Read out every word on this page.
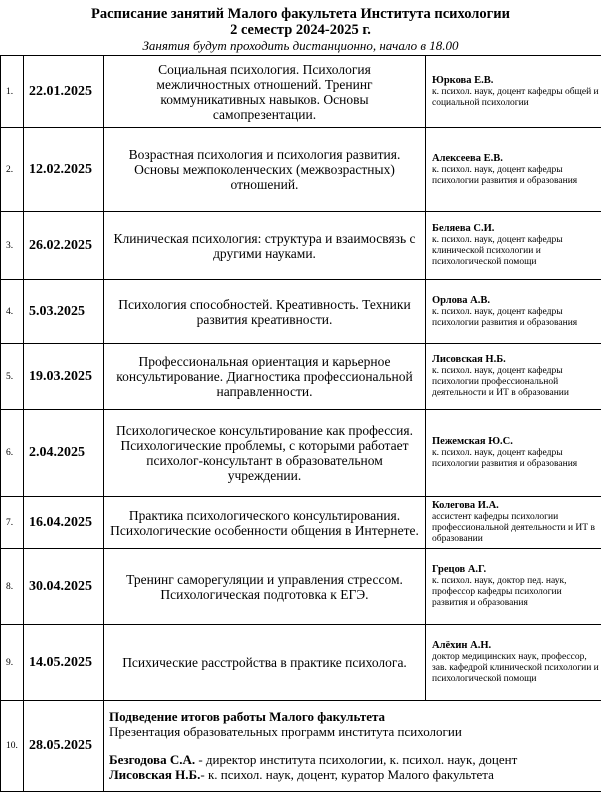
Расписание занятий Малого факультета Института психологии
2 семестр 2024-2025 г.
Занятия будут проходить дистанционно, начало в 18.00
1.	22.01.2025	Социальная психология. Психология межличностных отношений. Тренинг коммуникативных навыков. Основы самопрезентации.	Юркова Е.В.
к. психол. наук, доцент кафедры общей и социальной психологии

2.	12.02.2025	Возрастная психология и психология развития. Основы межпоколенческих (межвозрастных) отношений.	Алексеева Е.В.
к. психол. наук, доцент кафедры психологии развития и образования

3.	26.02.2025	Клиническая психология: структура и взаимосвязь с другими науками.	Беляева С.И.
к. психол. наук, доцент кафедры клинической психологии и психологической помощи

4.	5.03.2025	Психология способностей. Креативность. Техники развития креативности.	Орлова А.В.
к. психол. наук, доцент кафедры психологии развития и образования

5.	19.03.2025	Профессиональная ориентация и карьерное консультирование. Диагностика профессиональной направленности.	Лисовская Н.Б.
к. психол. наук, доцент кафедры психологии профессиональной деятельности и ИТ в образовании

6.	2.04.2025	Психологическое консультирование как профессия. Психологические проблемы, с которыми работает психолог-консультант в образовательном учреждении.	Пежемская Ю.С.
к. психол. наук, доцент кафедры психологии развития и образования

7.	16.04.2025	Практика психологического консультирования. Психологические особенности общения в Интернете.	Колегова И.А.
ассистент кафедры психологии профессиональной деятельности и ИТ в образовании

8.	30.04.2025	Тренинг саморегуляции и управления стрессом. Психологическая подготовка к ЕГЭ.	Грецов А.Г.
к. психол. наук, доктор пед. наук, профессор кафедры психологии развития и образования

9.	14.05.2025	Психические расстройства в практике психолога.	Алёхин А.Н.
доктор медицинских наук, профессор, зав. кафедрой клинической психологии и психологической помощи

10.	28.05.2025	Подведение итогов работы Малого факультета
Презентация образовательных программ института психологии
Безгодова С.А. - директор института психологии, к. психол. наук, доцент
Лисовская Н.Б.- к. психол. наук, доцент, куратор Малого факультета	
